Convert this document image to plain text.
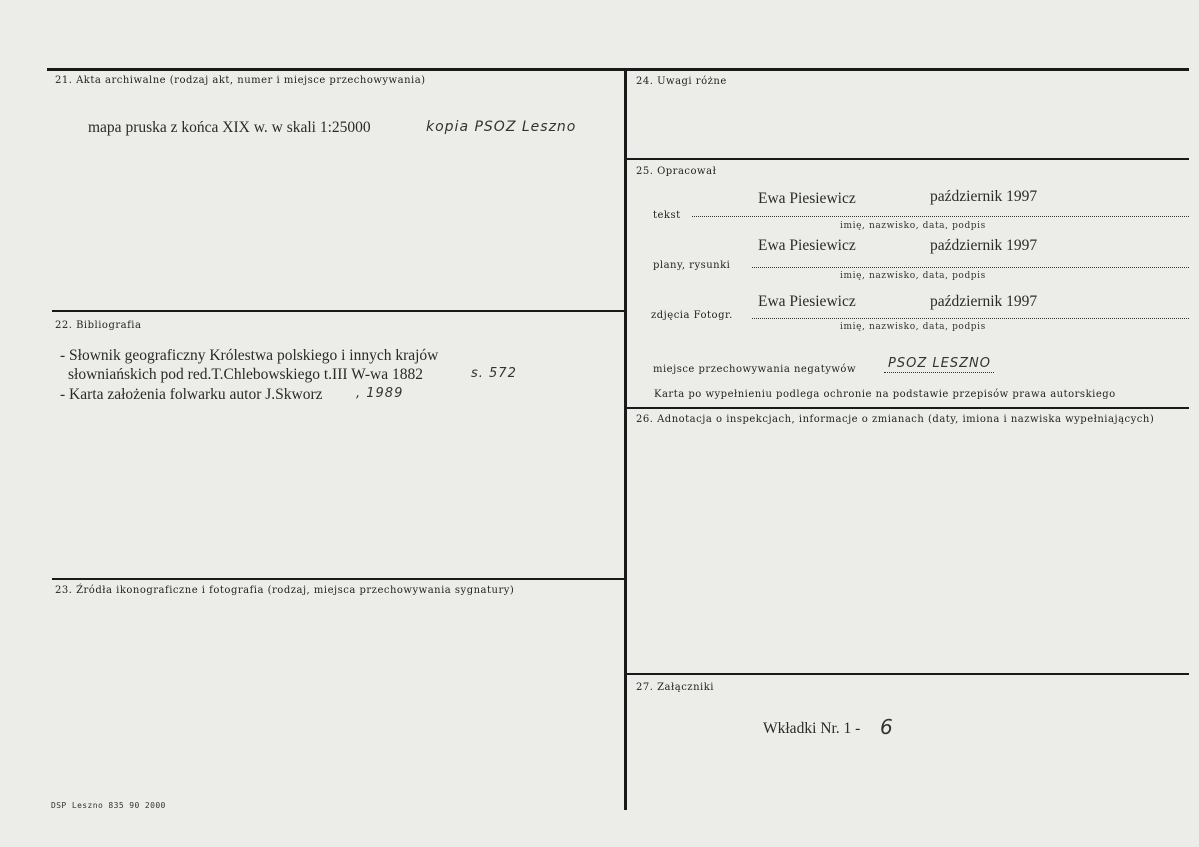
21. Akta archiwalne (rodzaj akt, numer i miejsce przechowywania)
mapa pruska z końca XIX w. w skali 1:25000	kopia PSOZ Leszno
22. Bibliografia
- Słownik geograficzny Królestwa polskiego i innych krajów
słowniańskich pod red.T.Chlebowskiego t.III W-wa 1882	s. 572
- Karta założenia folwarku autor J.Skworz	, 1989
23. Źródła ikonograficzne i fotografia (rodzaj, miejsca przechowywania sygnatury)
24. Uwagi różne
25. Opracował
Ewa Piesiewicz	październik 1997
tekst
imię, nazwisko, data, podpis
Ewa Piesiewicz	październik 1997
plany, rysunki
imię, nazwisko, data, podpis
Ewa Piesiewicz	październik 1997
zdjęcia Fotogr.
imię, nazwisko, data, podpis
miejsce przechowywania negatywów PSOZ LESZNO
Karta po wypełnieniu podlega ochronie na podstawie przepisów prawa autorskiego
26. Adnotacja o inspekcjach, informacje o zmianach (daty, imiona i nazwiska wypełniających)
27. Załączniki
Wkładki Nr. 1 - 6
DSP Leszno 835 90 2000
